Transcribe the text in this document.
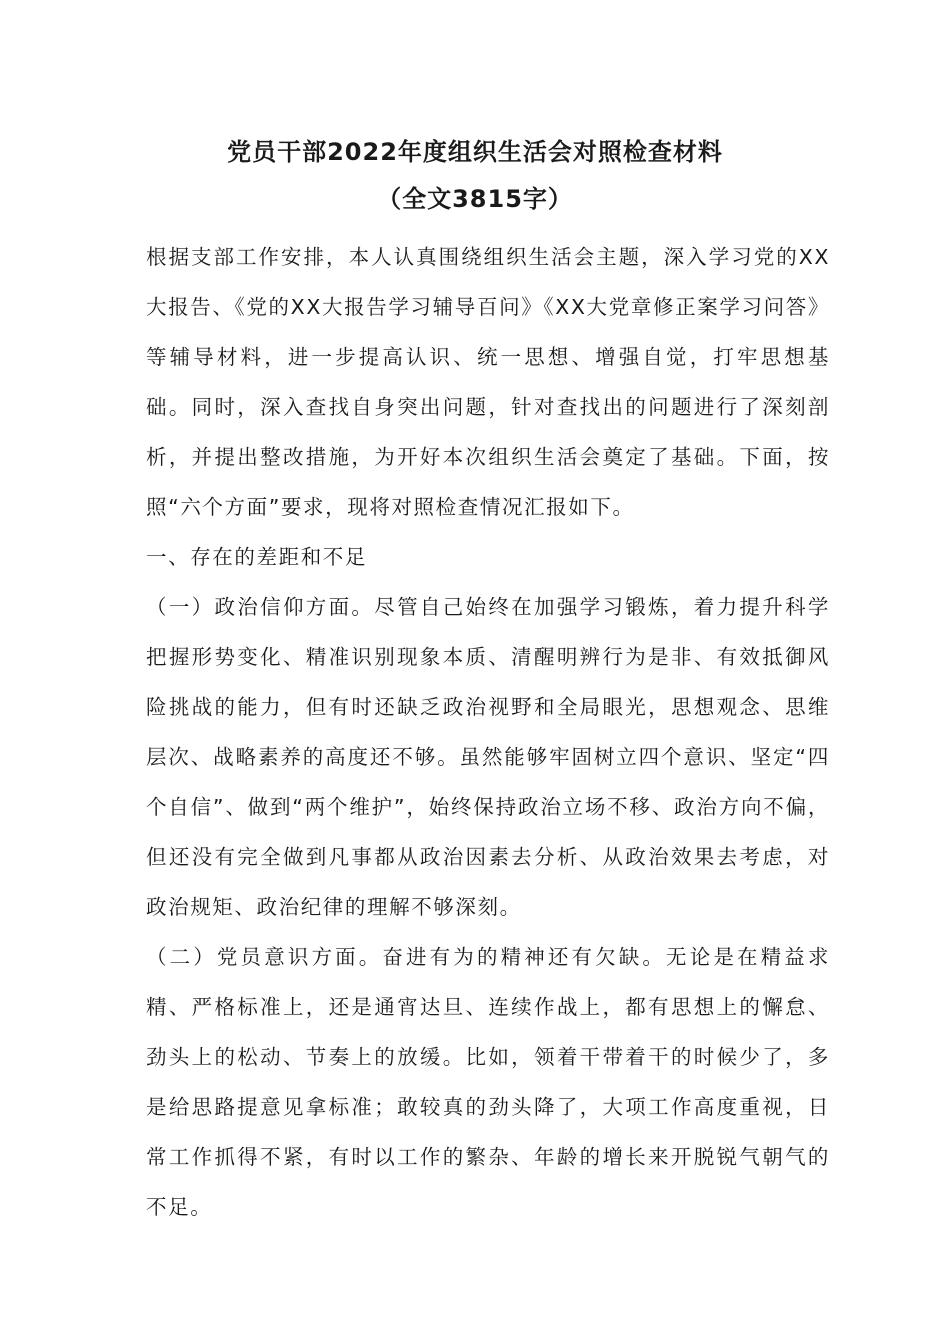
党员干部2022年度组织生活会对照检查材料
（全文3815字）

根据支部工作安排，本人认真围绕组织生活会主题，深入学习党的XX大报告、《党的XX大报告学习辅导百问》《XX大党章修正案学习问答》等辅导材料，进一步提高认识、统一思想、增强自觉，打牢思想基础。同时，深入查找自身突出问题，针对查找出的问题进行了深刻剖析，并提出整改措施，为开好本次组织生活会奠定了基础。下面，按照“六个方面”要求，现将对照检查情况汇报如下。

一、存在的差距和不足

（一）政治信仰方面。尽管自己始终在加强学习锻炼，着力提升科学把握形势变化、精准识别现象本质、清醒明辨行为是非、有效抵御风险挑战的能力，但有时还缺乏政治视野和全局眼光，思想观念、思维层次、战略素养的高度还不够。虽然能够牢固树立四个意识、坚定“四个自信”、做到“两个维护”，始终保持政治立场不移、政治方向不偏，但还没有完全做到凡事都从政治因素去分析、从政治效果去考虑，对政治规矩、政治纪律的理解不够深刻。

（二）党员意识方面。奋进有为的精神还有欠缺。无论是在精益求精、严格标准上，还是通宵达旦、连续作战上，都有思想上的懈怠、劲头上的松动、节奏上的放缓。比如，领着干带着干的时候少了，多是给思路提意见拿标准；敢较真的劲头降了，大项工作高度重视，日常工作抓得不紧，有时以工作的繁杂、年龄的增长来开脱锐气朝气的不足。
